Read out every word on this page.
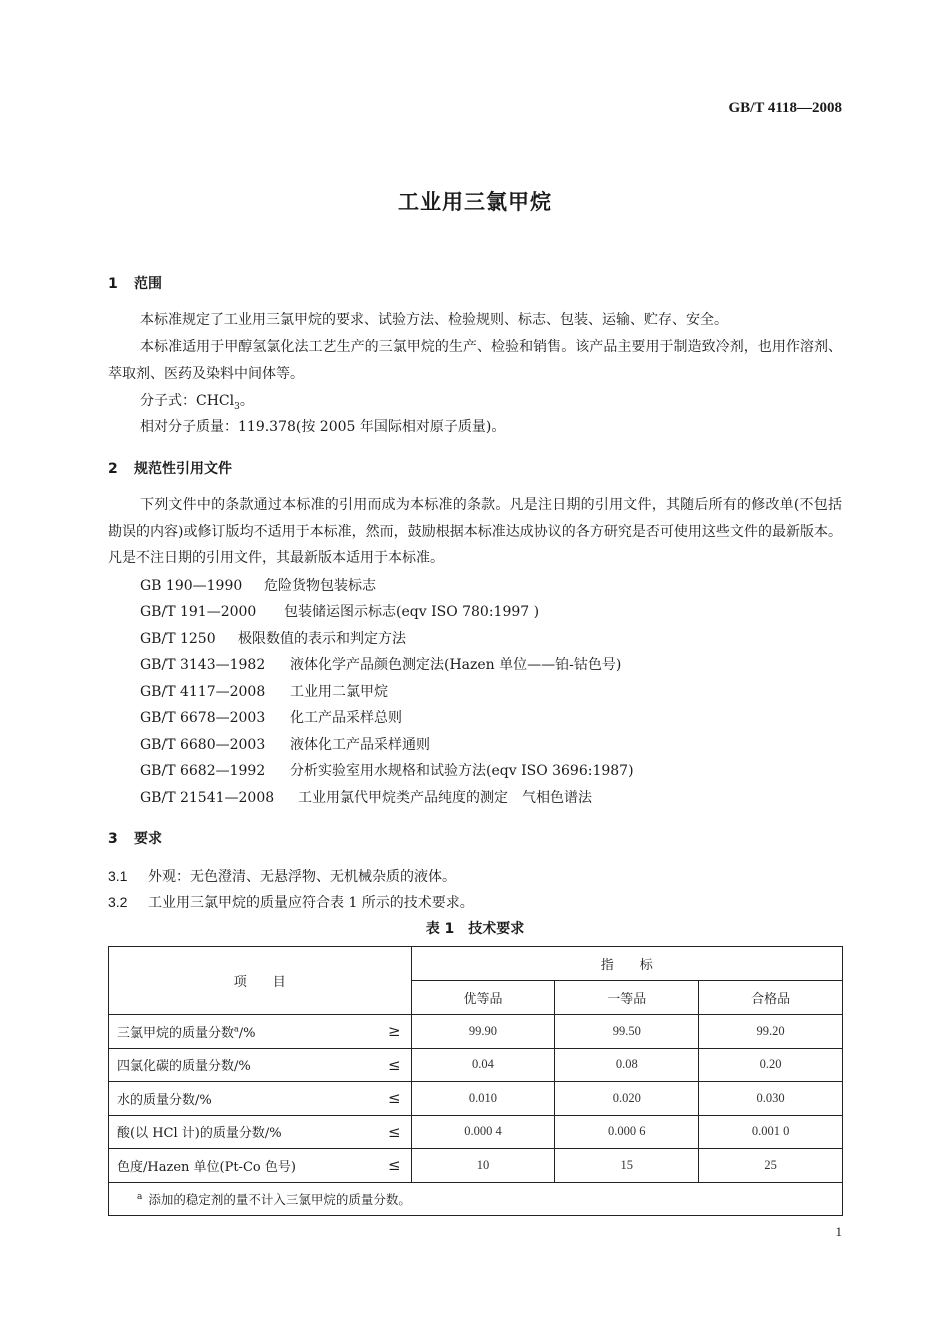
GB/T 4118—2008
工业用三氯甲烷
1 范围
本标准规定了工业用三氯甲烷的要求、试验方法、检验规则、标志、包装、运输、贮存、安全。
本标准适用于甲醇氢氯化法工艺生产的三氯甲烷的生产、检验和销售。该产品主要用于制造致冷剂，也用作溶剂、萃取剂、医药及染料中间体等。
分子式：CHCl$_3$。
相对分子质量：119.378(按 2005 年国际相对原子质量)。
2 规范性引用文件
下列文件中的条款通过本标准的引用而成为本标准的条款。凡是注日期的引用文件，其随后所有的修改单(不包括勘误的内容)或修订版均不适用于本标准，然而，鼓励根据本标准达成协议的各方研究是否可使用这些文件的最新版本。凡是不注日期的引用文件，其最新版本适用于本标准。
GB 190—1990 危险货物包装标志
GB/T 191—2000 包装储运图示标志(eqv ISO 780:1997 )
GB/T 1250 极限数值的表示和判定方法
GB/T 3143—1982 液体化学产品颜色测定法(Hazen 单位——铂-钴色号)
GB/T 4117—2008 工业用二氯甲烷
GB/T 6678—2003 化工产品采样总则
GB/T 6680—2003 液体化工产品采样通则
GB/T 6682—1992 分析实验室用水规格和试验方法(eqv ISO 3696:1987)
GB/T 21541—2008 工业用氯代甲烷类产品纯度的测定　气相色谱法
3 要求
3.1 外观：无色澄清、无悬浮物、无机械杂质的液体。
3.2 工业用三氯甲烷的质量应符合表 1 所示的技术要求。
表 1　技术要求
项　　目	指　　标		
	优等品	一等品	合格品
三氯甲烷的质量分数$^a$/% ≥	99.90	99.50	99.20
四氯化碳的质量分数/% ≤	0.04	0.08	0.20
水的质量分数/% ≤	0.010	0.020	0.030
酸(以 HCl 计)的质量分数/% ≤	0.000 4	0.000 6	0.001 0
色度/Hazen 单位(Pt-Co 色号) ≤	10	15	25
$^a$ 添加的稳定剂的量不计入三氯甲烷的质量分数。			
1
